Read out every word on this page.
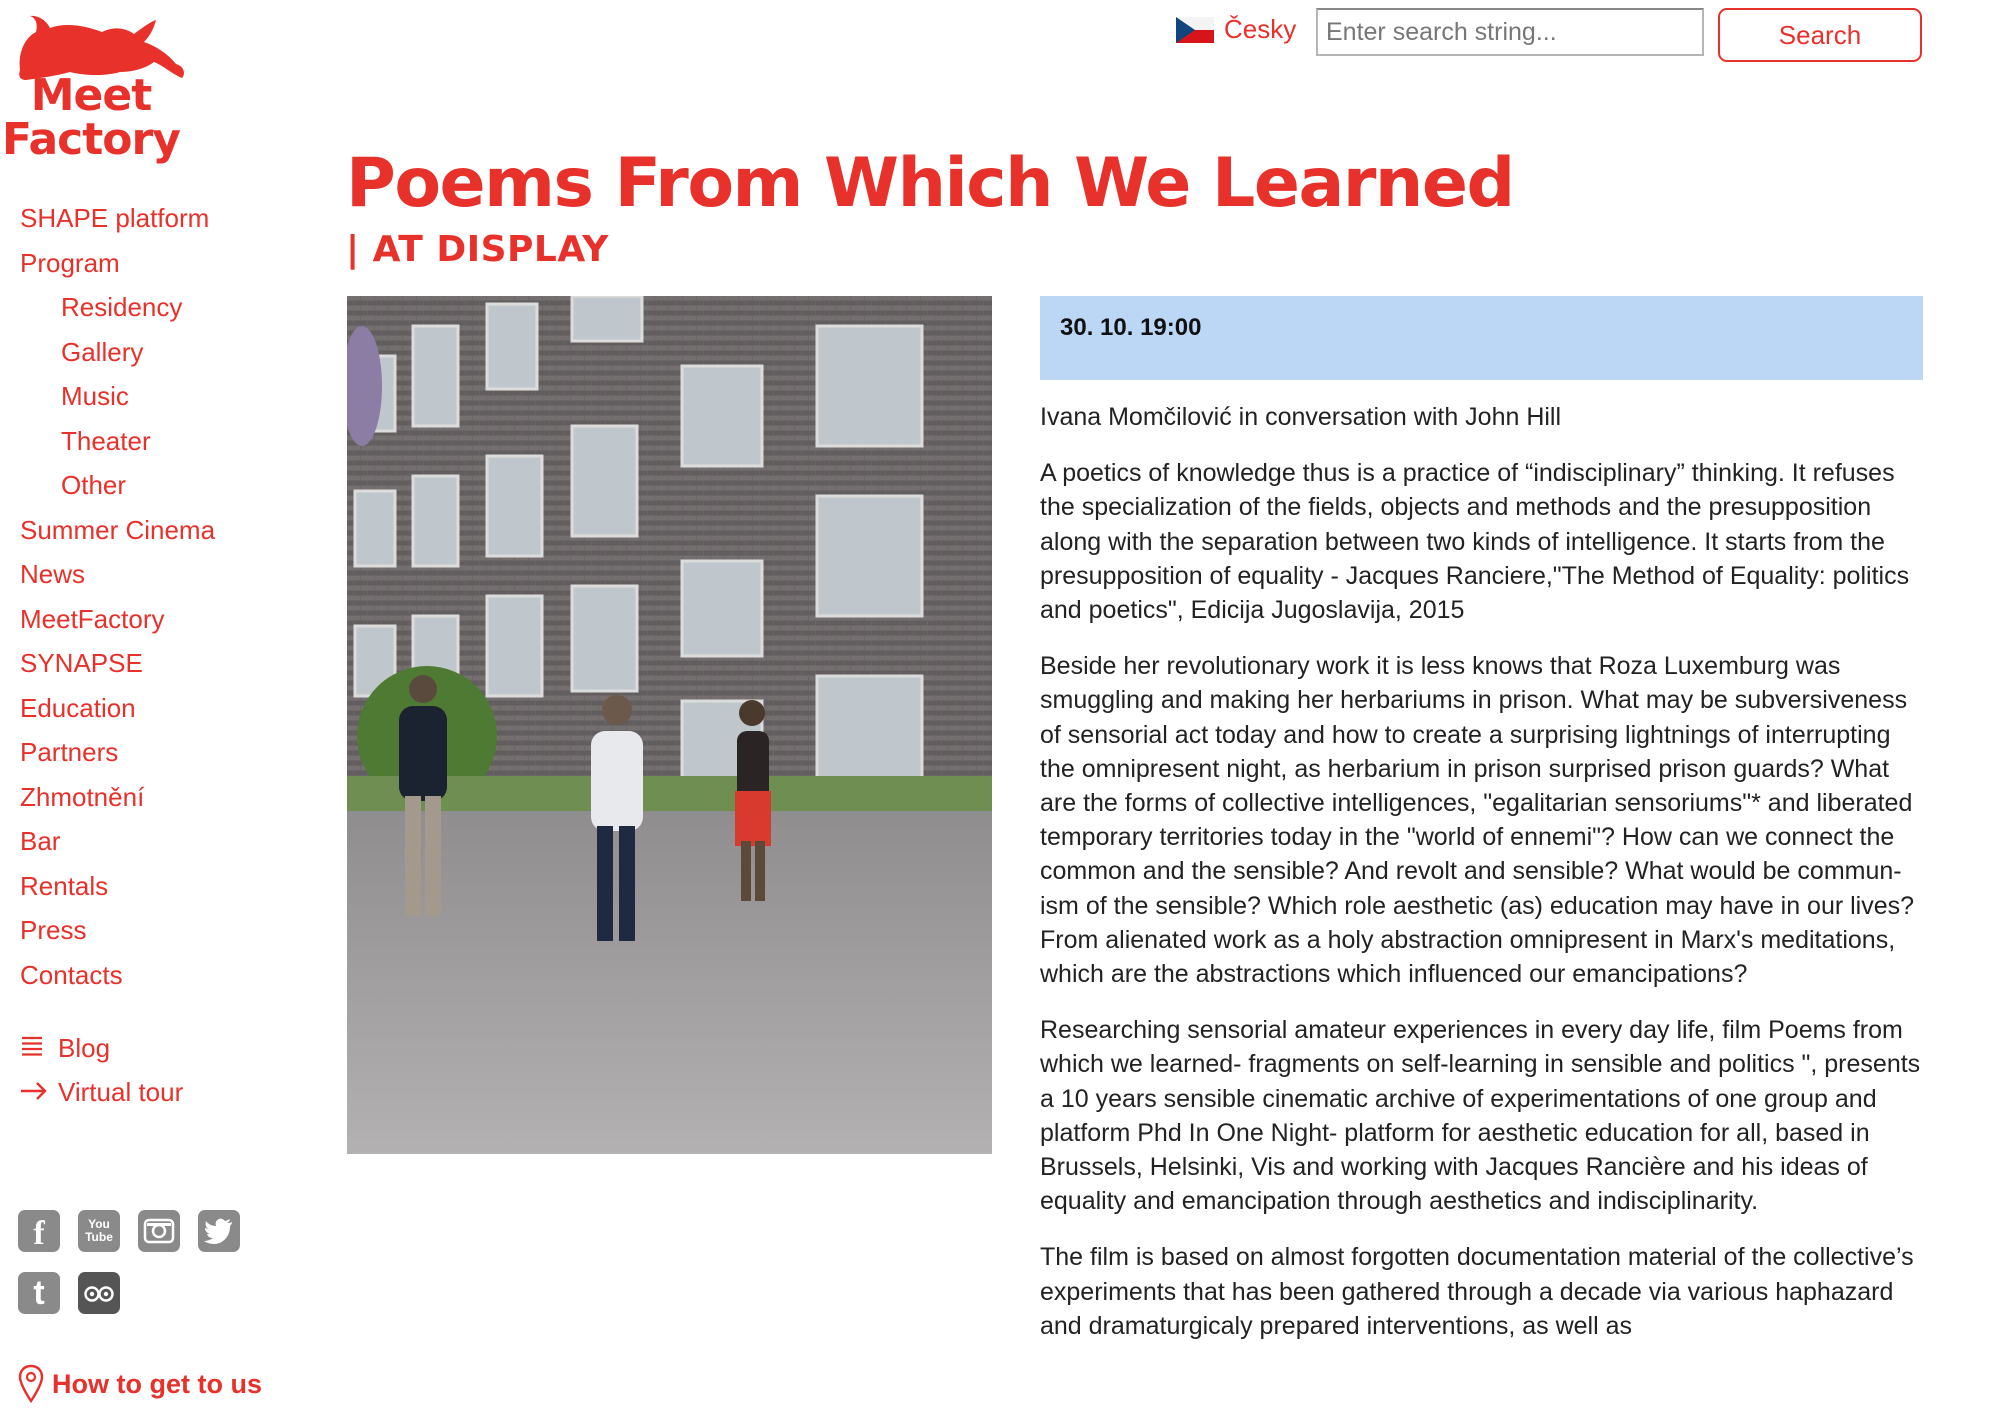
Meet
Factory
SHAPE platform
Program
Residency
Gallery
Music
Theater
Other
Summer Cinema
News
MeetFactory
SYNAPSE
Education
Partners
Zhmotnění
Bar
Rentals
Press
Contacts
Blog
Virtual tour
f	You Tube
t
How to get to us
Česky
Enter search string...	Search
Poems From Which We Learned
| AT DISPLAY
30. 10. 19:00

Ivana Momčilović in conversation with John Hill

A poetics of knowledge thus is a practice of “indisciplinary” thinking. It refuses the specialization of the fields, objects and methods and the presupposition along with the separation between two kinds of intelligence. It starts from the presupposition of equality - Jacques Ranciere,"The Method of Equality: politics and poetics", Edicija Jugoslavija, 2015

Beside her revolutionary work it is less knows that Roza Luxemburg was smuggling and making her herbariums in prison. What may be subversiveness of sensorial act today and how to create a surprising lightnings of interrupting the omnipresent night, as herbarium in prison surprised prison guards? What are the forms of collective intelligences, "egalitarian sensoriums"* and liberated temporary territories today in the "world of ennemi"? How can we connect the common and the sensible? And revolt and sensible? What would be commun-ism of the sensible? Which role aesthetic (as) education may have in our lives? From alienated work as a holy abstraction omnipresent in Marx's meditations, which are the abstractions which influenced our emancipations?

Researching sensorial amateur experiences in every day life, film Poems from which we learned- fragments on self-learning in sensible and politics ", presents a 10 years sensible cinematic archive of experimentations of one group and platform Phd In One Night- platform for aesthetic education for all, based in Brussels, Helsinki, Vis and working with Jacques Rancière and his ideas of equality and emancipation through aesthetics and indisciplinarity.

The film is based on almost forgotten documentation material of the collective’s experiments that has been gathered through a decade via various haphazard and dramaturgicaly prepared interventions, as well as
